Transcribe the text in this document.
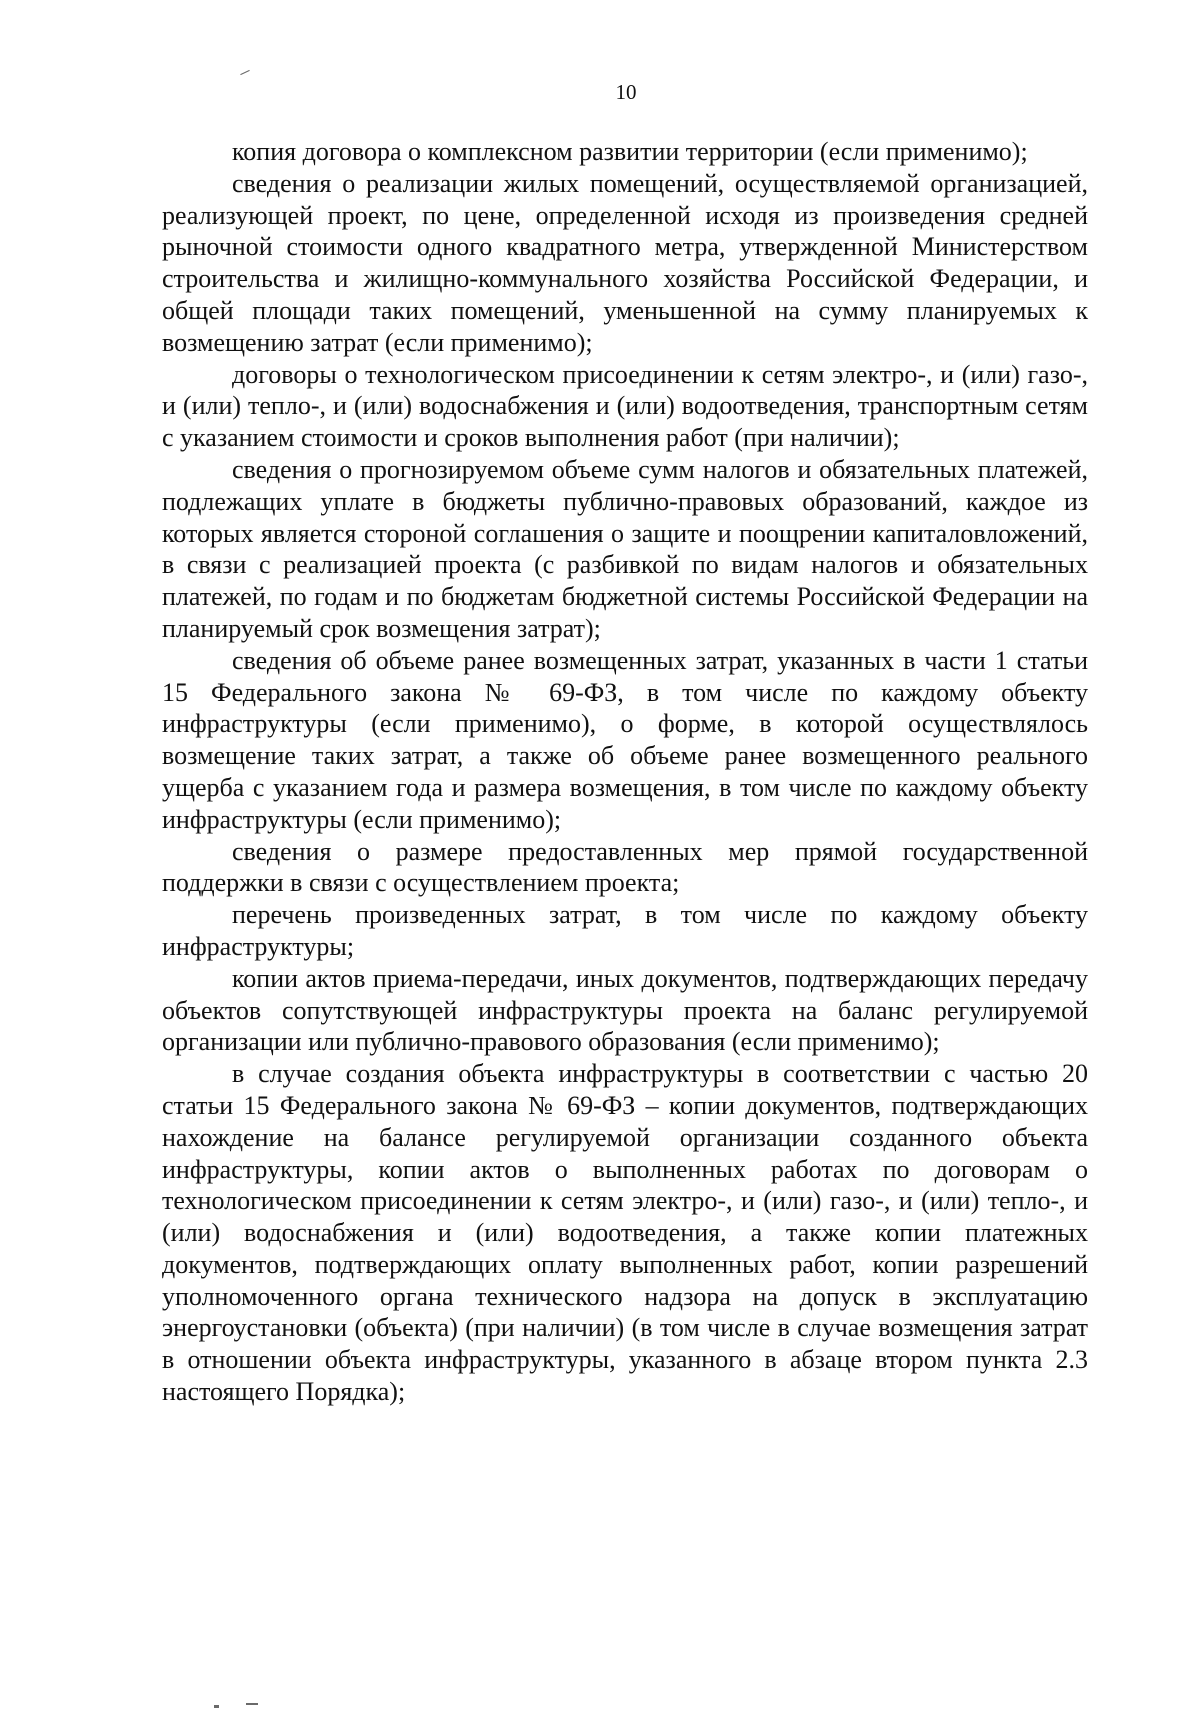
10

копия договора о комплексном развитии территории (если применимо);

сведения о реализации жилых помещений, осуществляемой организацией, реализующей проект, по цене, определенной исходя из произведения средней рыночной стоимости одного квадратного метра, утвержденной Министерством строительства и жилищно-коммунального хозяйства Российской Федерации, и общей площади таких помещений, уменьшенной на сумму планируемых к возмещению затрат (если применимо);

договоры о технологическом присоединении к сетям электро-, и (или) газо-, и (или) тепло-, и (или) водоснабжения и (или) водоотведения, транспортным сетям с указанием стоимости и сроков выполнения работ (при наличии);

сведения о прогнозируемом объеме сумм налогов и обязательных платежей, подлежащих уплате в бюджеты публично-правовых образований, каждое из которых является стороной соглашения о защите и поощрении капиталовложений, в связи с реализацией проекта (с разбивкой по видам налогов и обязательных платежей, по годам и по бюджетам бюджетной системы Российской Федерации на планируемый срок возмещения затрат);

сведения об объеме ранее возмещенных затрат, указанных в части 1 статьи 15 Федерального закона № 69-ФЗ, в том числе по каждому объекту инфраструктуры (если применимо), о форме, в которой осуществлялось возмещение таких затрат, а также об объеме ранее возмещенного реального ущерба с указанием года и размера возмещения, в том числе по каждому объекту инфраструктуры (если применимо);

сведения о размере предоставленных мер прямой государственной поддержки в связи с осуществлением проекта;

перечень произведенных затрат, в том числе по каждому объекту инфраструктуры;

копии актов приема-передачи, иных документов, подтверждающих передачу объектов сопутствующей инфраструктуры проекта на баланс регулируемой организации или публично-правового образования (если применимо);

в случае создания объекта инфраструктуры в соответствии с частью 20 статьи 15 Федерального закона № 69-ФЗ – копии документов, подтверждающих нахождение на балансе регулируемой организации созданного объекта инфраструктуры, копии актов о выполненных работах по договорам о технологическом присоединении к сетям электро-, и (или) газо-, и (или) тепло-, и (или) водоснабжения и (или) водоотведения, а также копии платежных документов, подтверждающих оплату выполненных работ, копии разрешений уполномоченного органа технического надзора на допуск в эксплуатацию энергоустановки (объекта) (при наличии) (в том числе в случае возмещения затрат в отношении объекта инфраструктуры, указанного в абзаце втором пункта 2.3 настоящего Порядка);
